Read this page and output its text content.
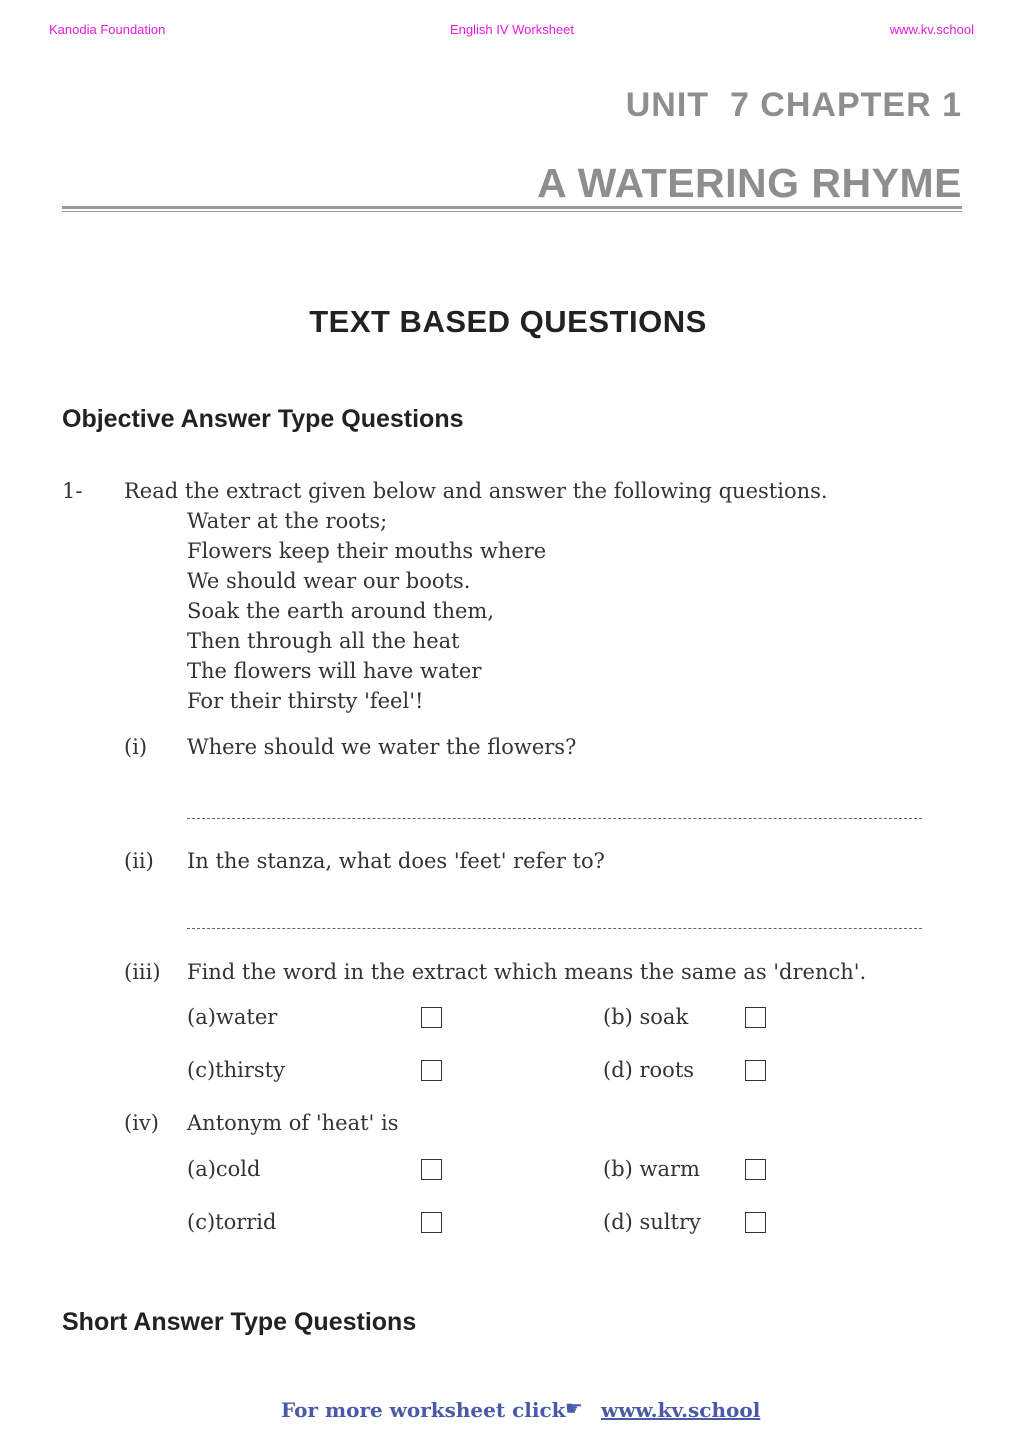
Kanodia Foundation	English IV Worksheet	www.kv.school
UNIT  7 CHAPTER 1
A WATERING RHYME
TEXT BASED QUESTIONS
Objective Answer Type Questions
1- Read the extract given below and answer the following questions.
Water at the roots;
Flowers keep their mouths where
We should wear our boots.
Soak the earth around them,
Then through all the heat
The flowers will have water
For their thirsty 'feel'!
(i) Where should we water the flowers?
(ii) In the stanza, what does 'feet' refer to?
(iii) Find the word in the extract which means the same as 'drench'.
(a)water	(b) soak
(c)thirsty	(d) roots
(iv) Antonym of 'heat' is
(a)cold	(b) warm
(c)torrid	(d) sultry
Short Answer Type Questions
For more worksheet click ☛ www.kv.school
